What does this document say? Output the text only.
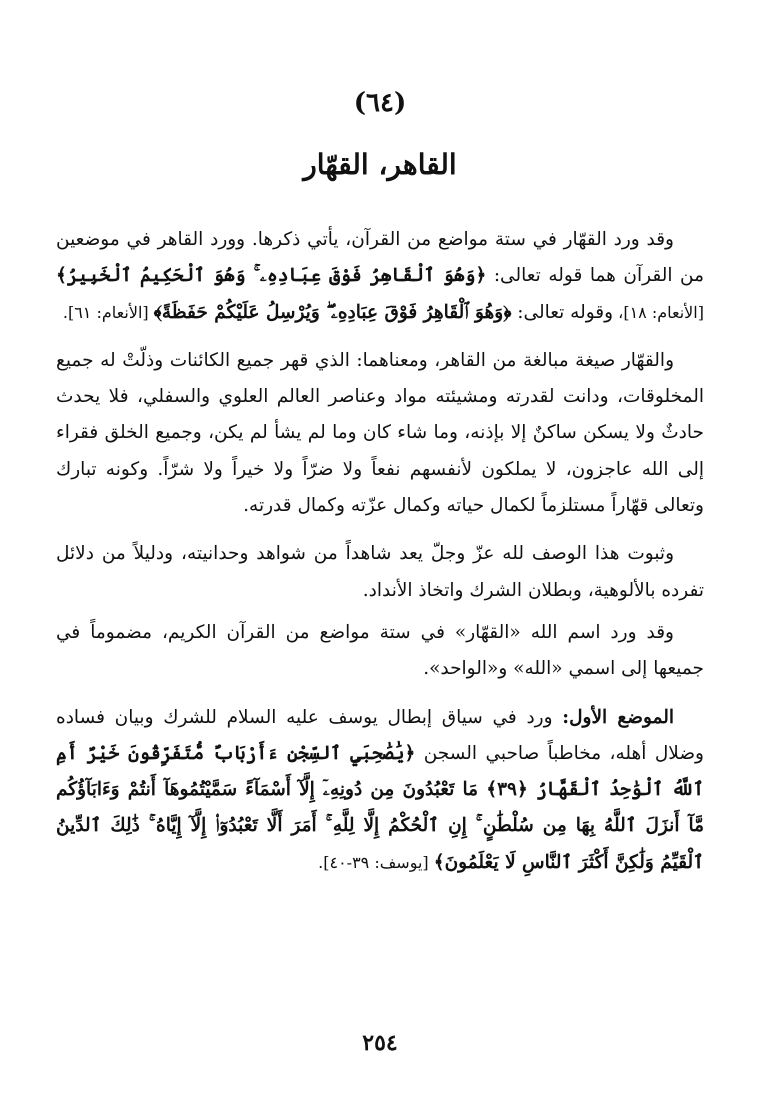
(٦٤)
القاهر، القهّار

وقد ورد القهّار في ستة مواضع من القرآن، يأتي ذكرها. وورد القاهر في موضعين من القرآن هما قوله تعالى: ﴿وَهُوَ ٱلْقَاهِرُ فَوْقَ عِبَادِهِۦ ۚ وَهُوَ ٱلْحَكِيمُ ٱلْخَبِيرُ﴾ [الأنعام: ١٨]، وقوله تعالى: ﴿وَهُوَ ٱلْقَاهِرُ فَوْقَ عِبَادِهِۦ ۖ وَيُرْسِلُ عَلَيْكُمْ حَفَظَةً﴾ [الأنعام: ٦١].

والقهّار صيغة مبالغة من القاهر، ومعناهما: الذي قهر جميع الكائنات وذلّتْ له جميع المخلوقات، ودانت لقدرته ومشيئته مواد وعناصر العالم العلوي والسفلي، فلا يحدث حادثٌ ولا يسكن ساكنٌ إلا بإذنه، وما شاء كان وما لم يشأ لم يكن، وجميع الخلق فقراء إلى الله عاجزون، لا يملكون لأنفسهم نفعاً ولا ضرّاً ولا خيراً ولا شرّاً. وكونه تبارك وتعالى قهّاراً مستلزماً لكمال حياته وكمال عزّته وكمال قدرته.

وثبوت هذا الوصف لله عزّ وجلّ يعد شاهداً من شواهد وحدانيته، ودليلاً من دلائل تفرده بالألوهية، وبطلان الشرك واتخاذ الأنداد.

وقد ورد اسم الله «القهّار» في ستة مواضع من القرآن الكريم، مضموماً في جميعها إلى اسمي «الله» و«الواحد».

الموضع الأول: ورد في سياق إبطال يوسف عليه السلام للشرك وبيان فساده وضلال أهله، مخاطباً صاحبي السجن ﴿يَٰصَٰحِبَيِ ٱلسِّجْنِ ءَأَرْبَابٌ مُّتَفَرِّقُونَ خَيْرٌ أَمِ ٱللَّهُ ٱلْوَٰحِدُ ٱلْقَهَّارُ ﴿٣٩﴾ مَا تَعْبُدُونَ مِن دُونِهِۦٓ إِلَّآ أَسْمَآءً سَمَّيْتُمُوهَآ أَنتُمْ وَءَابَآؤُكُم مَّآ أَنزَلَ ٱللَّهُ بِهَا مِن سُلْطَٰنٍ ۚ إِنِ ٱلْحُكْمُ إِلَّا لِلَّهِ ۚ أَمَرَ أَلَّا تَعْبُدُوٓا۟ إِلَّآ إِيَّاهُ ۚ ذَٰلِكَ ٱلدِّينُ ٱلْقَيِّمُ وَلَٰكِنَّ أَكْثَرَ ٱلنَّاسِ لَا يَعْلَمُونَ﴾ [يوسف: ٣٩-٤٠].

٢٥٤
